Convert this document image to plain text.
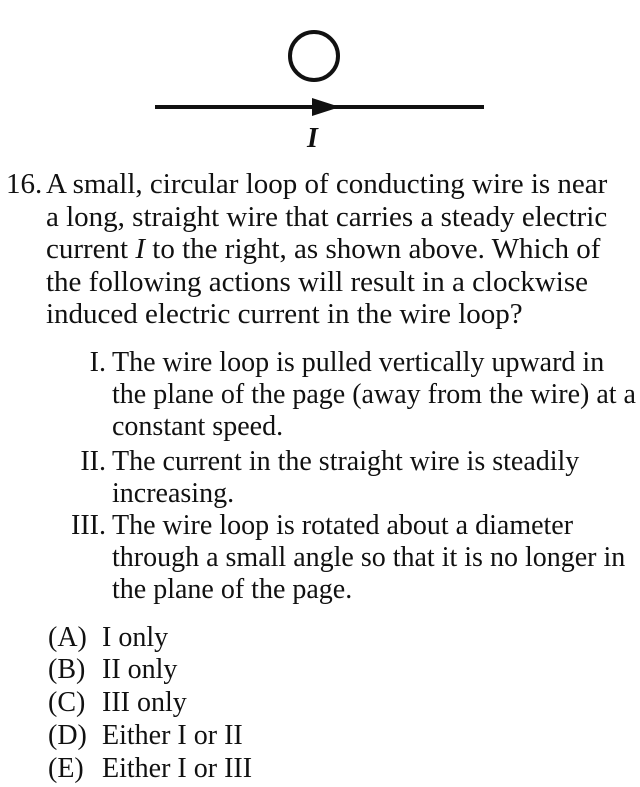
I
16. A small, circular loop of conducting wire is near a long, straight wire that carries a steady electric current I to the right, as shown above. Which of the following actions will result in a clockwise induced electric current in the wire loop?
I. The wire loop is pulled vertically upward in the plane of the page (away from the wire) at a constant speed.
II. The current in the straight wire is steadily increasing.
III. The wire loop is rotated about a diameter through a small angle so that it is no longer in the plane of the page.
(A) I only
(B) II only
(C) III only
(D) Either I or II
(E) Either I or III
